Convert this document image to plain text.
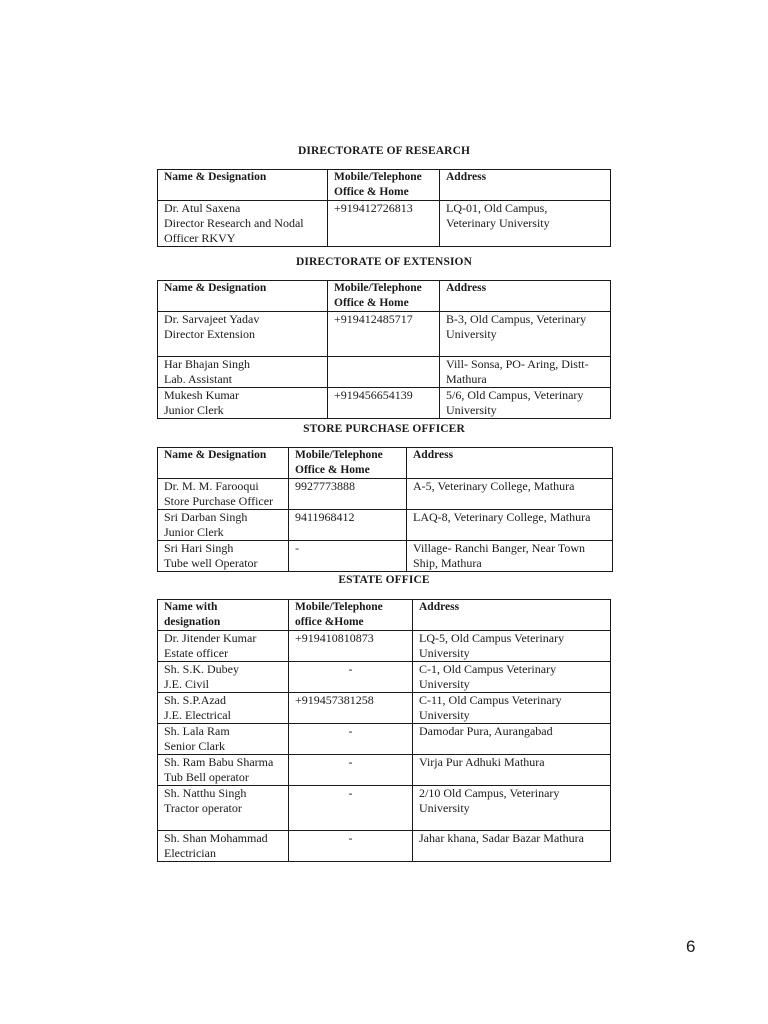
DIRECTORATE OF RESEARCH
Name & Designation	Mobile/Telephone
Office & Home	Address

Dr. Atul Saxena
Director Research and Nodal
Officer RKVY	+919412726813	LQ-01, Old Campus,
Veterinary University
DIRECTORATE OF EXTENSION
Name & Designation	Mobile/Telephone
Office & Home	Address

Dr. Sarvajeet Yadav
Director Extension	+919412485717	B-3, Old Campus, Veterinary
University

Har Bhajan Singh
Lab. Assistant		Vill- Sonsa, PO- Aring, Distt-
Mathura

Mukesh Kumar
Junior Clerk	+919456654139	5/6, Old Campus, Veterinary
University
STORE PURCHASE OFFICER
Name & Designation	Mobile/Telephone
Office & Home	Address

Dr. M. M. Farooqui
Store Purchase Officer	9927773888	A-5, Veterinary College, Mathura

Sri Darban Singh
Junior Clerk	9411968412	LAQ-8, Veterinary College, Mathura

Sri Hari Singh
Tube well Operator	-	Village- Ranchi Banger, Near Town
Ship, Mathura
ESTATE OFFICE
Name with
designation	Mobile/Telephone
office &Home	Address

Dr. Jitender Kumar
Estate officer	+919410810873	LQ-5, Old Campus Veterinary
University

Sh. S.K. Dubey
J.E. Civil	-	C-1, Old Campus Veterinary
University

Sh. S.P.Azad
J.E. Electrical	+919457381258	C-11, Old Campus Veterinary
University

Sh. Lala Ram
Senior Clark	-	Damodar Pura, Aurangabad

Sh. Ram Babu Sharma
Tub Bell operator	-	Virja Pur Adhuki Mathura

Sh. Natthu Singh
Tractor operator	-	2/10 Old Campus, Veterinary
University

Sh. Shan Mohammad
Electrician	-	Jahar khana, Sadar Bazar Mathura
6
